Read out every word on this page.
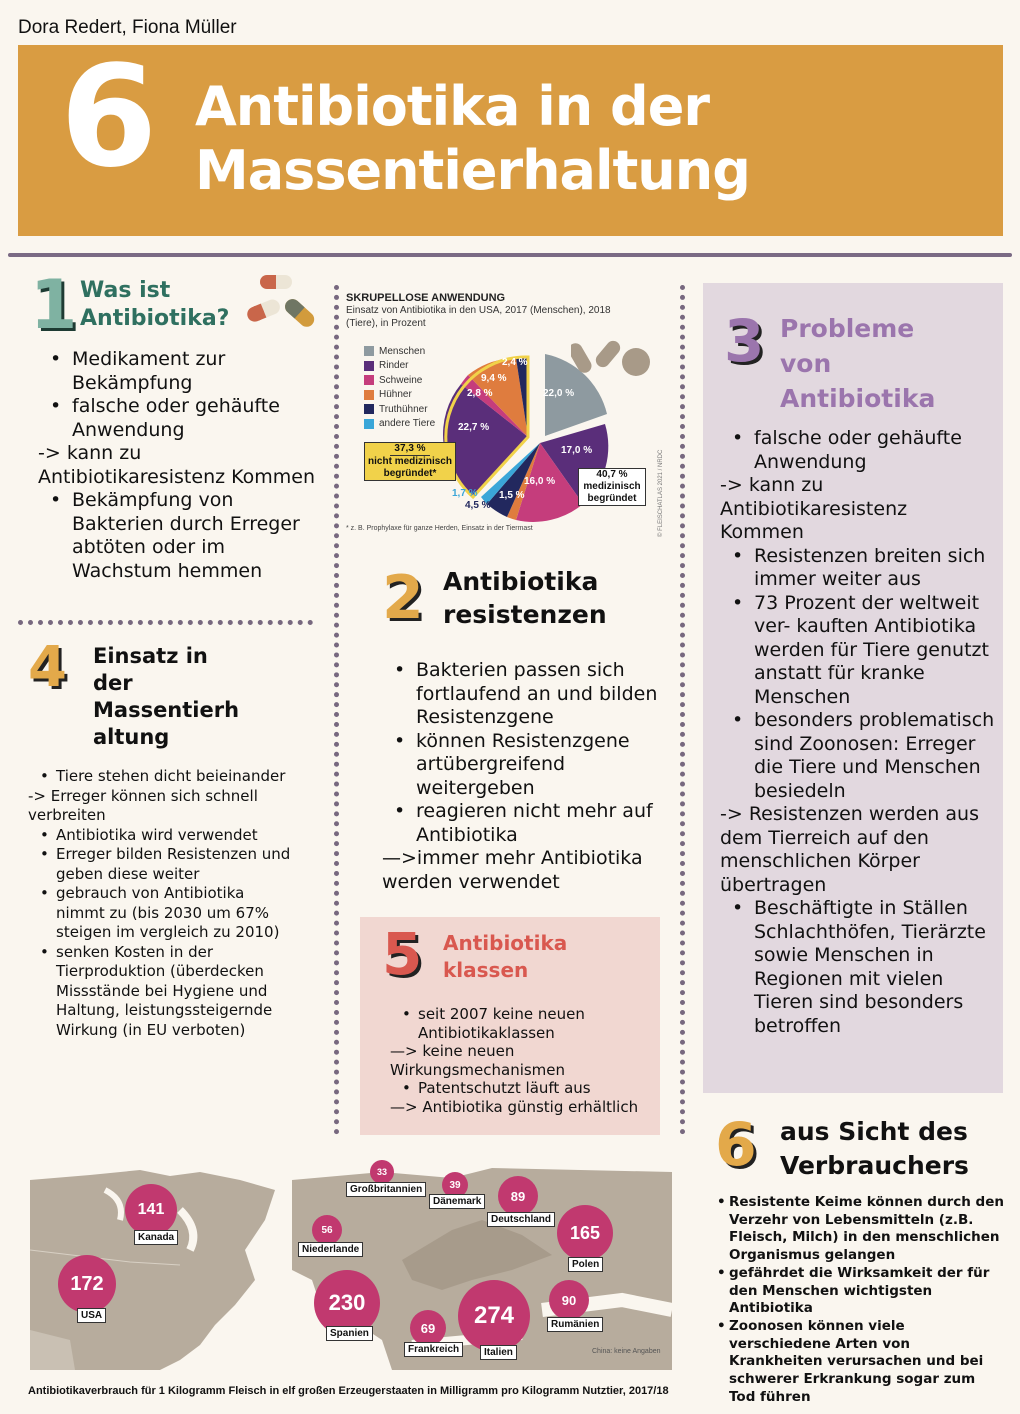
Dora Redert, Fiona Müller
6 Antibiotika in der
Massentierhaltung
1 Was ist
Antibiotika?
• Medikament zur Bekämpfung
• falsche oder gehäufte Anwendung
-> kann zu Antibiotikaresistenz Kommen
• Bekämpfung von Bakterien durch Erreger abtöten oder im Wachstum hemmen
4 Einsatz in
der
Massentierh
altung
• Tiere stehen dicht beieinander
-> Erreger können sich schnell verbreiten
• Antibiotika wird verwendet
• Erreger bilden Resistenzen und geben diese weiter
• gebrauch von Antibiotika nimmt zu (bis 2030 um 67% steigen im vergleich zu 2010)
• senken Kosten in der Tierproduktion (überdecken Missstände bei Hygiene und Haltung, leistungssteigernde Wirkung (in EU verboten)
SKRUPELLOSE ANWENDUNG
Einsatz von Antibiotika in den USA, 2017 (Menschen), 2018 (Tiere), in Prozent
Menschen
Rinder
Schweine
Hühner
Truthühner
andere Tiere
22,0 %
17,0 %
16,0 %
1,5 %
4,5 %
1,7 %
22,7 %
2,8 %
9,4 %
2,4 %
37,3 %
nicht medizinisch
begründet*	40,7 %
medizinisch
begründet
* z. B. Prophylaxe für ganze Herden, Einsatz in der Tiermast	© FLEISCHATLAS 2021 / NRDC
2 Antibiotika
resistenzen
• Bakterien passen sich fortlaufend an und bilden Resistenzgene
• können Resistenzgene artübergreifend weitergeben
• reagieren nicht mehr auf Antibiotika
—>immer mehr Antibiotika werden verwendet
5 Antibiotika
klassen
• seit 2007 keine neuen Antibiotikaklassen
—> keine neuen Wirkungsmechanismen
• Patentschutzt läuft aus
—> Antibiotika günstig erhältlich
3 Probleme
von
Antibiotika
• falsche oder gehäufte Anwendung
-> kann zu Antibiotikaresistenz Kommen
• Resistenzen breiten sich immer weiter aus
• 73 Prozent der weltweit ver- kauften Antibiotika werden für Tiere genutzt anstatt für kranke Menschen
• besonders problematisch sind Zoonosen: Erreger die Tiere und Menschen besiedeln
-> Resistenzen werden aus dem Tierreich auf den menschlichen Körper übertragen
• Beschäftigte in Ställen Schlachthöfen, Tierärzte sowie Menschen in Regionen mit vielen Tieren sind besonders betroffen
6 aus Sicht des
Verbrauchers
• Resistente Keime können durch den Verzehr von Lebensmitteln (z.B. Fleisch, Milch) in den menschlichen Organismus gelangen
• gefährdet die Wirksamkeit der für den Menschen wichtigsten Antibiotika
• Zoonosen können viele verschiedene Arten von Krankheiten verursachen und bei schwerer Erkrankung sogar zum Tod führen
141
Kanada
172
USA
33
Großbritannien	39
Dänemark	89
Deutschland
56
Niederlande
165
Polen
230
Spanien	69
Frankreich
274
Italien
90
Rumänien
China: keine Angaben
Antibiotikaverbrauch für 1 Kilogramm Fleisch in elf großen Erzeugerstaaten in Milligramm pro Kilogramm Nutztier, 2017/18
